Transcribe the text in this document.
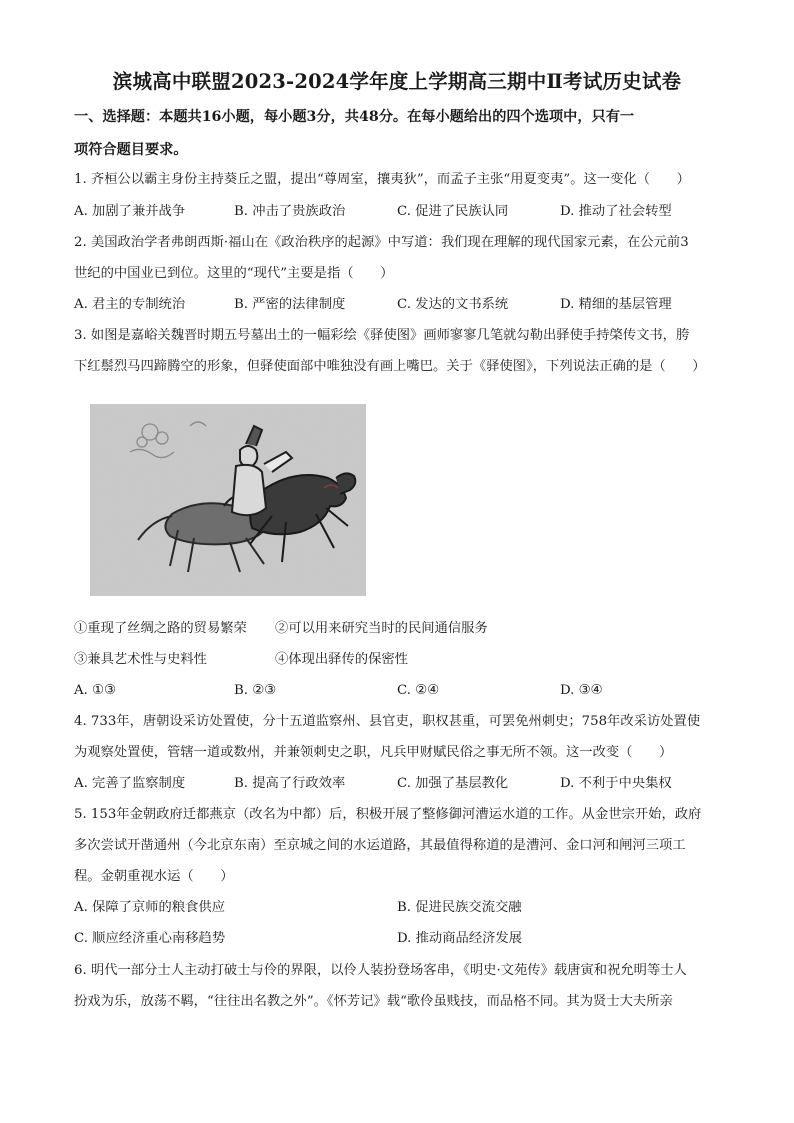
滨城高中联盟2023-2024学年度上学期高三期中Ⅱ考试历史试卷
一、选择题：本题共16小题，每小题3分，共48分。在每小题给出的四个选项中，只有一
项符合题目要求。
1. 齐桓公以霸主身份主持葵丘之盟，提出“尊周室，攘夷狄”，而孟子主张“用夏变夷”。这一变化（　　）
A. 加剧了兼并战争	B. 冲击了贵族政治	C. 促进了民族认同	D. 推动了社会转型
2. 美国政治学者弗朗西斯·福山在《政治秩序的起源》中写道：我们现在理解的现代国家元素，在公元前3
世纪的中国业已到位。这里的“现代”主要是指（　　）
A. 君主的专制统治	B. 严密的法律制度	C. 发达的文书系统	D. 精细的基层管理
3. 如图是嘉峪关魏晋时期五号墓出土的一幅彩绘《驿使图》画师寥寥几笔就勾勒出驿使手持棨传文书，胯
下红鬃烈马四蹄腾空的形象，但驿使面部中唯独没有画上嘴巴。关于《驿使图》，下列说法正确的是（　　）
①重现了丝绸之路的贸易繁荣 ②可以用来研究当时的民间通信服务
③兼具艺术性与史料性	④体现出驿传的保密性
A. ①③	B. ②③	C. ②④	D. ③④
4. 733年，唐朝设采访处置使，分十五道监察州、县官吏，职权甚重，可罢免州刺史；758年改采访处置使
为观察处置使，管辖一道或数州，并兼领刺史之职，凡兵甲财赋民俗之事无所不领。这一改变（　　）
A. 完善了监察制度	B. 提高了行政效率	C. 加强了基层教化	D. 不利于中央集权
5. 153年金朝政府迁都燕京（改名为中都）后，积极开展了整修御河漕运水道的工作。从金世宗开始，政府
多次尝试开凿通州（今北京东南）至京城之间的水运道路，其最值得称道的是漕河、金口河和闸河三项工
程。金朝重视水运（　　）
A. 保障了京师的粮食供应	B. 促进民族交流交融
C. 顺应经济重心南移趋势	D. 推动商品经济发展
6. 明代一部分士人主动打破士与伶的界限，以伶人装扮登场客串，《明史·文苑传》载唐寅和祝允明等士人
扮戏为乐，放荡不羁，“往往出名教之外”。《怀芳记》载“歌伶虽贱技，而品格不同。其为贤士大夫所亲
